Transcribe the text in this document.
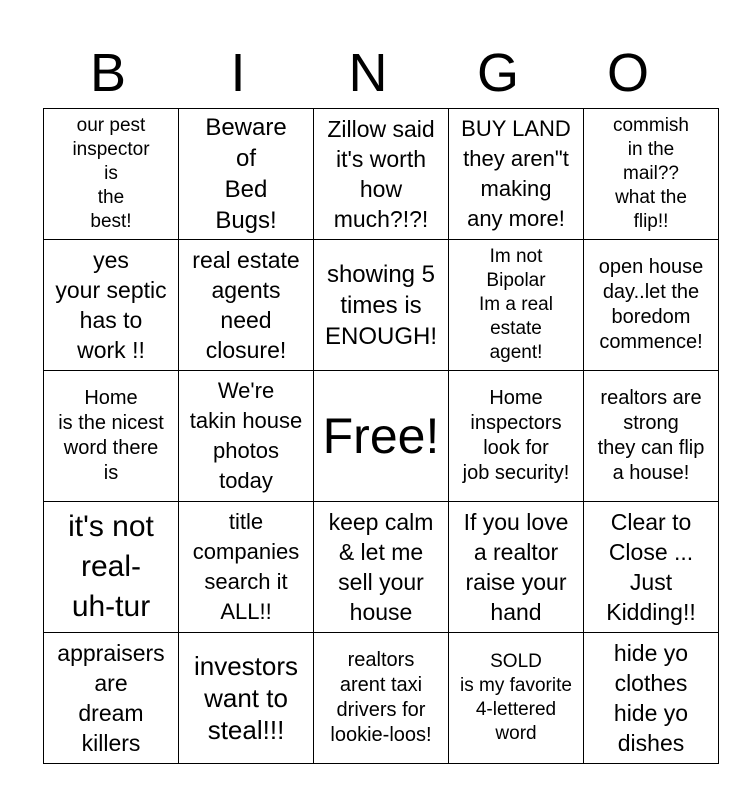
B	I	N	G	O
our pest
inspector
is
the
best!	Beware
of
Bed
Bugs!	Zillow said
it's worth
how
much?!?!	BUY LAND
they aren"t
making
any more!	commish
in the
mail??
what the
flip!!
yes
your septic
has to
work !!	real estate
agents
need
closure!	showing 5
times is
ENOUGH!	Im not
Bipolar
Im a real
estate
agent!	open house
day..let the
boredom
commence!
Home
is the nicest
word there
is	We're
takin house
photos
today	Free!	Home
inspectors
look for
job security!	realtors are
strong
they can flip
a house!
it's not
real-
uh-tur	title
companies
search it
ALL!!	keep calm
& let me
sell your
house	If you love
a realtor
raise your
hand	Clear to
Close ...
Just
Kidding!!
appraisers
are
dream
killers	investors
want to
steal!!!	realtors
arent taxi
drivers for
lookie-loos!	SOLD
is my favorite
4-lettered
word	hide yo
clothes
hide yo
dishes
